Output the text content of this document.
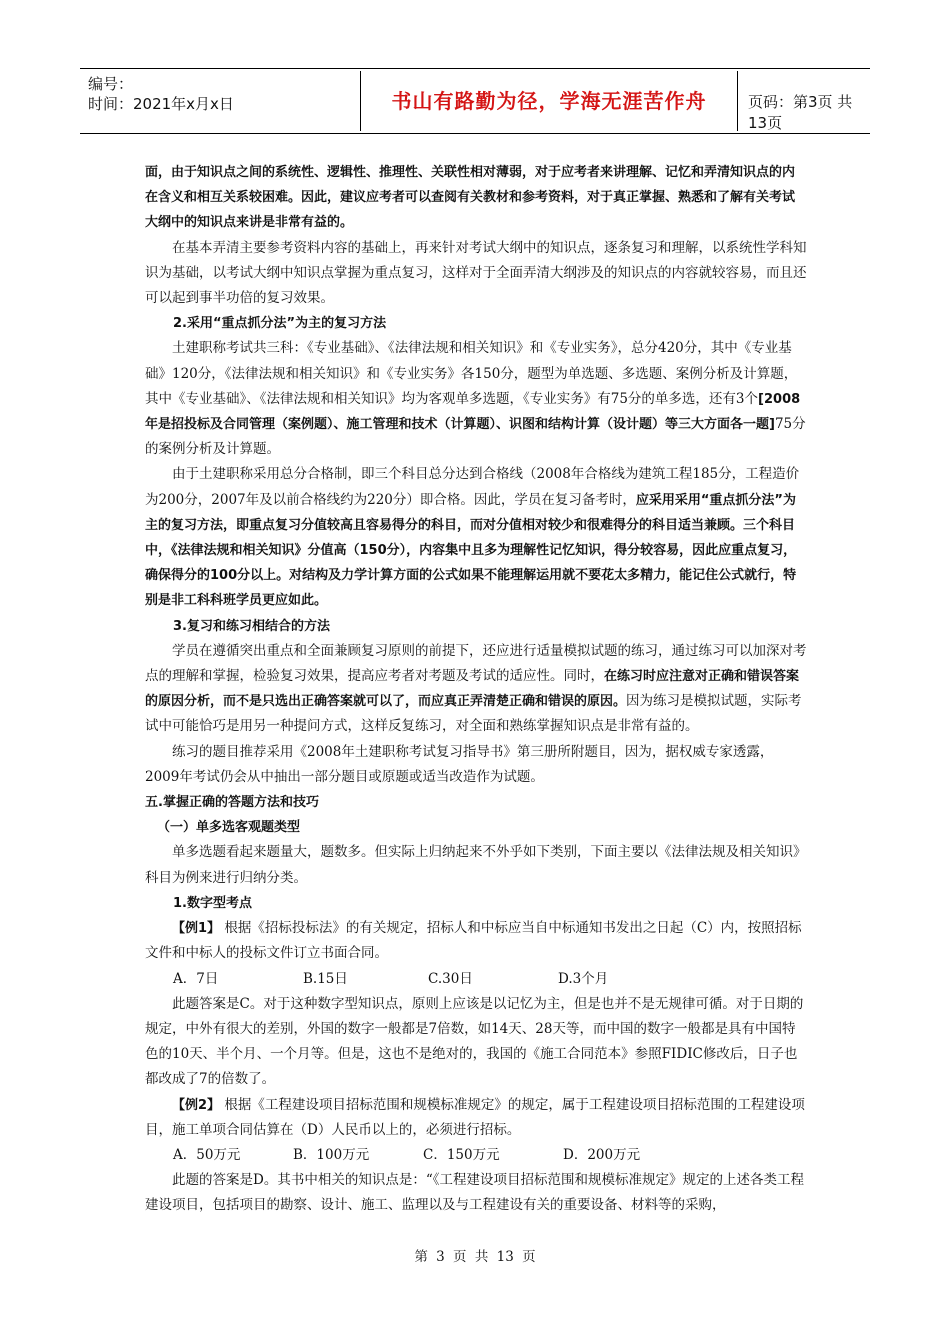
编号：
时间：2021年x月x日	书山有路勤为径，学海无涯苦作舟	页码：第3页 共13页

面，由于知识点之间的系统性、逻辑性、推理性、关联性相对薄弱，对于应考者来讲理解、记忆和弄清知识点的内在含义和相互关系较困难。因此，建议应考者可以查阅有关教材和参考资料，对于真正掌握、熟悉和了解有关考试大纲中的知识点来讲是非常有益的。

在基本弄清主要参考资料内容的基础上，再来针对考试大纲中的知识点，逐条复习和理解，以系统性学科知识为基础，以考试大纲中知识点掌握为重点复习，这样对于全面弄清大纲涉及的知识点的内容就较容易，而且还可以起到事半功倍的复习效果。

2.采用“重点抓分法”为主的复习方法

土建职称考试共三科：《专业基础》、《法律法规和相关知识》和《专业实务》，总分420分，其中《专业基础》120分，《法律法规和相关知识》和《专业实务》各150分，题型为单选题、多选题、案例分析及计算题，其中《专业基础》、《法律法规和相关知识》均为客观单多选题，《专业实务》有75分的单多选，还有3个[2008年是招投标及合同管理（案例题）、施工管理和技术（计算题）、识图和结构计算（设计题）等三大方面各一题]75分的案例分析及计算题。

由于土建职称采用总分合格制，即三个科目总分达到合格线（2008年合格线为建筑工程185分，工程造价为200分，2007年及以前合格线约为220分）即合格。因此，学员在复习备考时，应采用采用“重点抓分法”为主的复习方法，即重点复习分值较高且容易得分的科目，而对分值相对较少和很难得分的科目适当兼顾。三个科目中，《法律法规和相关知识》分值高（150分），内容集中且多为理解性记忆知识，得分较容易，因此应重点复习，确保得分的100分以上。对结构及力学计算方面的公式如果不能理解运用就不要花太多精力，能记住公式就行，特别是非工科科班学员更应如此。

3.复习和练习相结合的方法

学员在遵循突出重点和全面兼顾复习原则的前提下，还应进行适量模拟试题的练习，通过练习可以加深对考点的理解和掌握，检验复习效果，提高应考者对考题及考试的适应性。同时，在练习时应注意对正确和错误答案的原因分析，而不是只选出正确答案就可以了，而应真正弄清楚正确和错误的原因。因为练习是模拟试题，实际考试中可能恰巧是用另一种提问方式，这样反复练习，对全面和熟练掌握知识点是非常有益的。

练习的题目推荐采用《2008年土建职称考试复习指导书》第三册所附题目，因为，据权威专家透露，2009年考试仍会从中抽出一部分题目或原题或适当改造作为试题。

五.掌握正确的答题方法和技巧

（一）单多选客观题类型

单多选题看起来题量大，题数多。但实际上归纳起来不外乎如下类别，下面主要以《法律法规及相关知识》科目为例来进行归纳分类。

1.数字型考点

【例1】 根据《招标投标法》的有关规定，招标人和中标应当自中标通知书发出之日起（C）内，按照招标文件和中标人的投标文件订立书面合同。

A．7日	B.15日	C.30日	D.3个月

此题答案是C。对于这种数字型知识点，原则上应该是以记忆为主，但是也并不是无规律可循。对于日期的规定，中外有很大的差别，外国的数字一般都是7倍数，如14天、28天等，而中国的数字一般都是具有中国特色的10天、半个月、一个月等。但是，这也不是绝对的，我国的《施工合同范本》参照FIDIC修改后，日子也都改成了7的倍数了。

【例2】 根据《工程建设项目招标范围和规模标准规定》的规定，属于工程建设项目招标范围的工程建设项目，施工单项合同估算在（D）人民币以上的，必须进行招标。

A．50万元	B．100万元	C．150万元	D．200万元

此题的答案是D。其书中相关的知识点是：“《工程建设项目招标范围和规模标准规定》规定的上述各类工程建设项目，包括项目的勘察、设计、施工、监理以及与工程建设有关的重要设备、材料等的采购，

第 3 页 共 13 页
